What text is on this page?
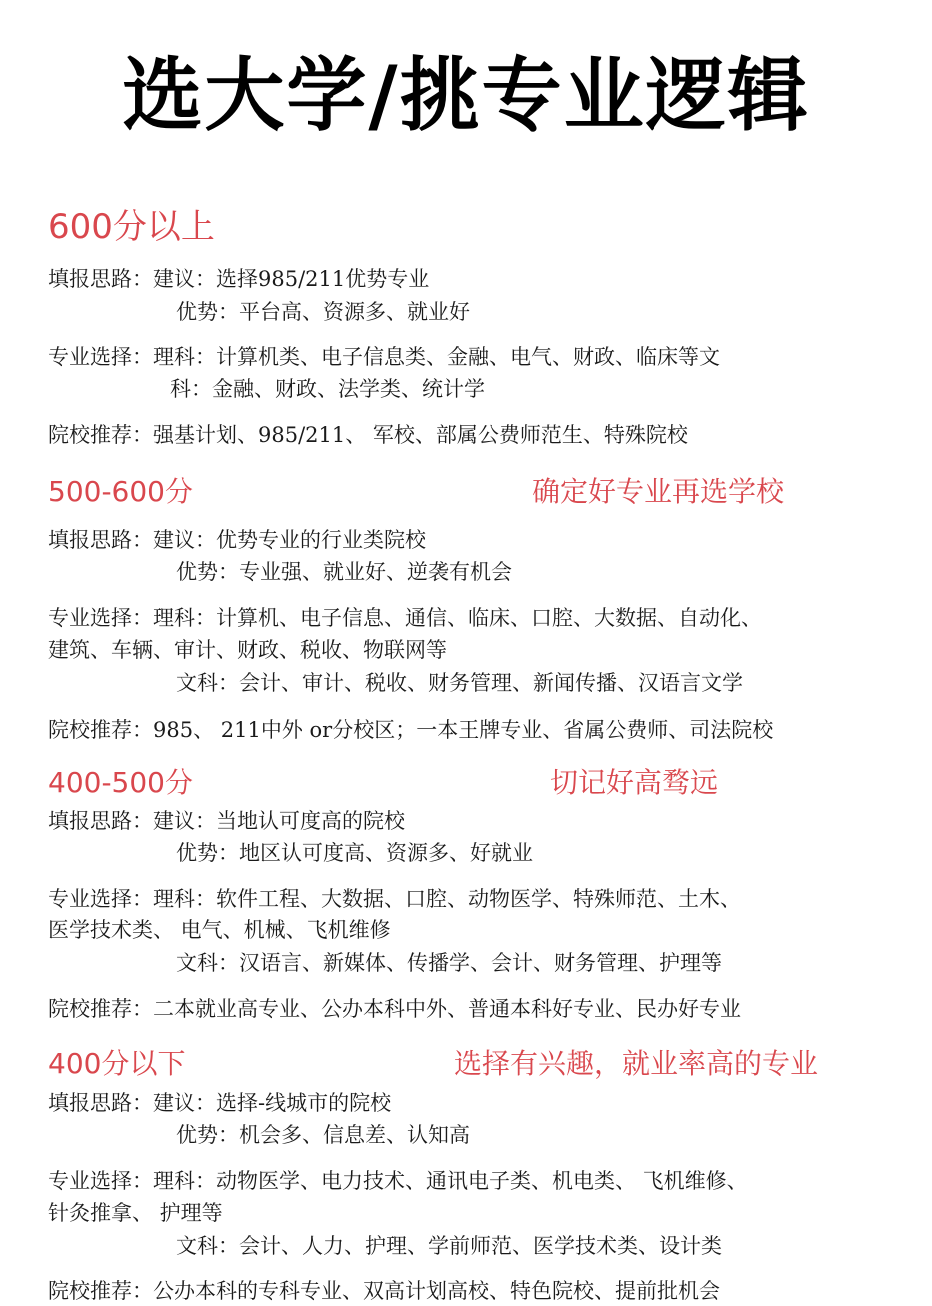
选大学/挑专业逻辑
600分以上
填报思路：建议：选择985/211优势专业
优势：平台高、资源多、就业好
专业选择：理科：计算机类、电子信息类、金融、电气、财政、临床等文
科：金融、财政、法学类、统计学
院校推荐：强基计划、985/211、 军校、部属公费师范生、特殊院校
500-600分	确定好专业再选学校
填报思路：建议：优势专业的行业类院校
优势：专业强、就业好、逆袭有机会
专业选择：理科：计算机、电子信息、通信、临床、口腔、大数据、自动化、
建筑、车辆、审计、财政、税收、物联网等
文科：会计、审计、税收、财务管理、新闻传播、汉语言文学
院校推荐：985、 211中外 or分校区；一本王牌专业、省属公费师、司法院校
400-500分	切记好高骛远
填报思路：建议：当地认可度高的院校
优势：地区认可度高、资源多、好就业
专业选择：理科：软件工程、大数据、口腔、动物医学、特殊师范、土木、
医学技术类、 电气、机械、飞机维修
文科：汉语言、新媒体、传播学、会计、财务管理、护理等
院校推荐：二本就业高专业、公办本科中外、普通本科好专业、民办好专业
400分以下	选择有兴趣，就业率高的专业
填报思路：建议：选择-线城市的院校
优势：机会多、信息差、认知高
专业选择：理科：动物医学、电力技术、通讯电子类、机电类、 飞机维修、
针灸推拿、 护理等
文科：会计、人力、护理、学前师范、医学技术类、设计类
院校推荐：公办本科的专科专业、双高计划高校、特色院校、提前批机会
